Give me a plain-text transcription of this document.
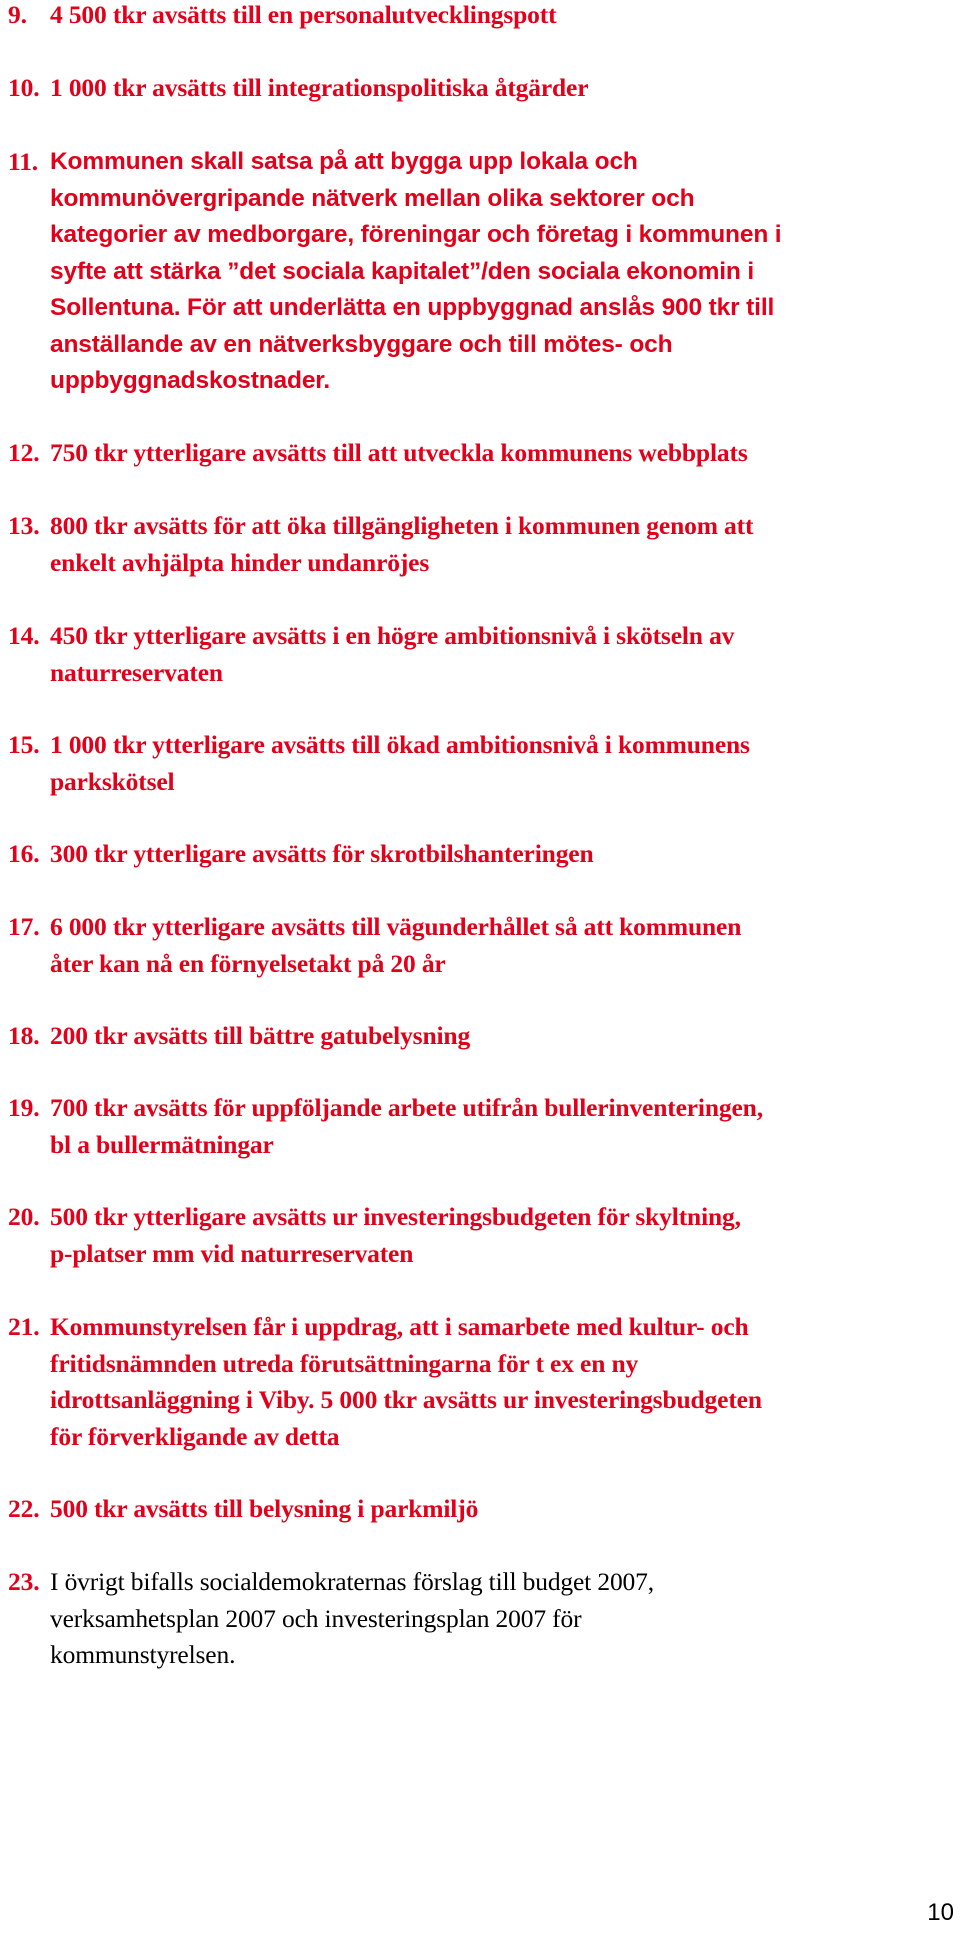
9. 4 500 tkr avsätts till en personalutvecklingspott
10. 1 000 tkr avsätts till integrationspolitiska åtgärder
11. Kommunen skall satsa på att bygga upp lokala och
kommunövergripande nätverk mellan olika sektorer och
kategorier av medborgare, föreningar och företag i kommunen i
syfte att stärka ”det sociala kapitalet”/den sociala ekonomin i
Sollentuna. För att underlätta en uppbyggnad anslås 900 tkr till
anställande av en nätverksbyggare och till mötes- och
uppbyggnadskostnader.
12. 750 tkr ytterligare avsätts till att utveckla kommunens webbplats
13. 800 tkr avsätts för att öka tillgängligheten i kommunen genom att
enkelt avhjälpta hinder undanröjes
14. 450 tkr ytterligare avsätts i en högre ambitionsnivå i skötseln av
naturreservaten
15. 1 000 tkr ytterligare avsätts till ökad ambitionsnivå i kommunens
parkskötsel
16. 300 tkr ytterligare avsätts för skrotbilshanteringen
17. 6 000 tkr ytterligare avsätts till vägunderhållet så att kommunen
åter kan nå en förnyelsetakt på 20 år
18. 200 tkr avsätts till bättre gatubelysning
19. 700 tkr avsätts för uppföljande arbete utifrån bullerinventeringen,
bl a bullermätningar
20. 500 tkr ytterligare avsätts ur investeringsbudgeten för skyltning,
p-platser mm vid naturreservaten
21. Kommunstyrelsen får i uppdrag, att i samarbete med kultur- och
fritidsnämnden utreda förutsättningarna för t ex en ny
idrottsanläggning i Viby. 5 000 tkr avsätts ur investeringsbudgeten
för förverkligande av detta
22. 500 tkr avsätts till belysning i parkmiljö
23. I övrigt bifalls socialdemokraternas förslag till budget 2007,
verksamhetsplan 2007 och investeringsplan 2007 för
kommunstyrelsen.
10
